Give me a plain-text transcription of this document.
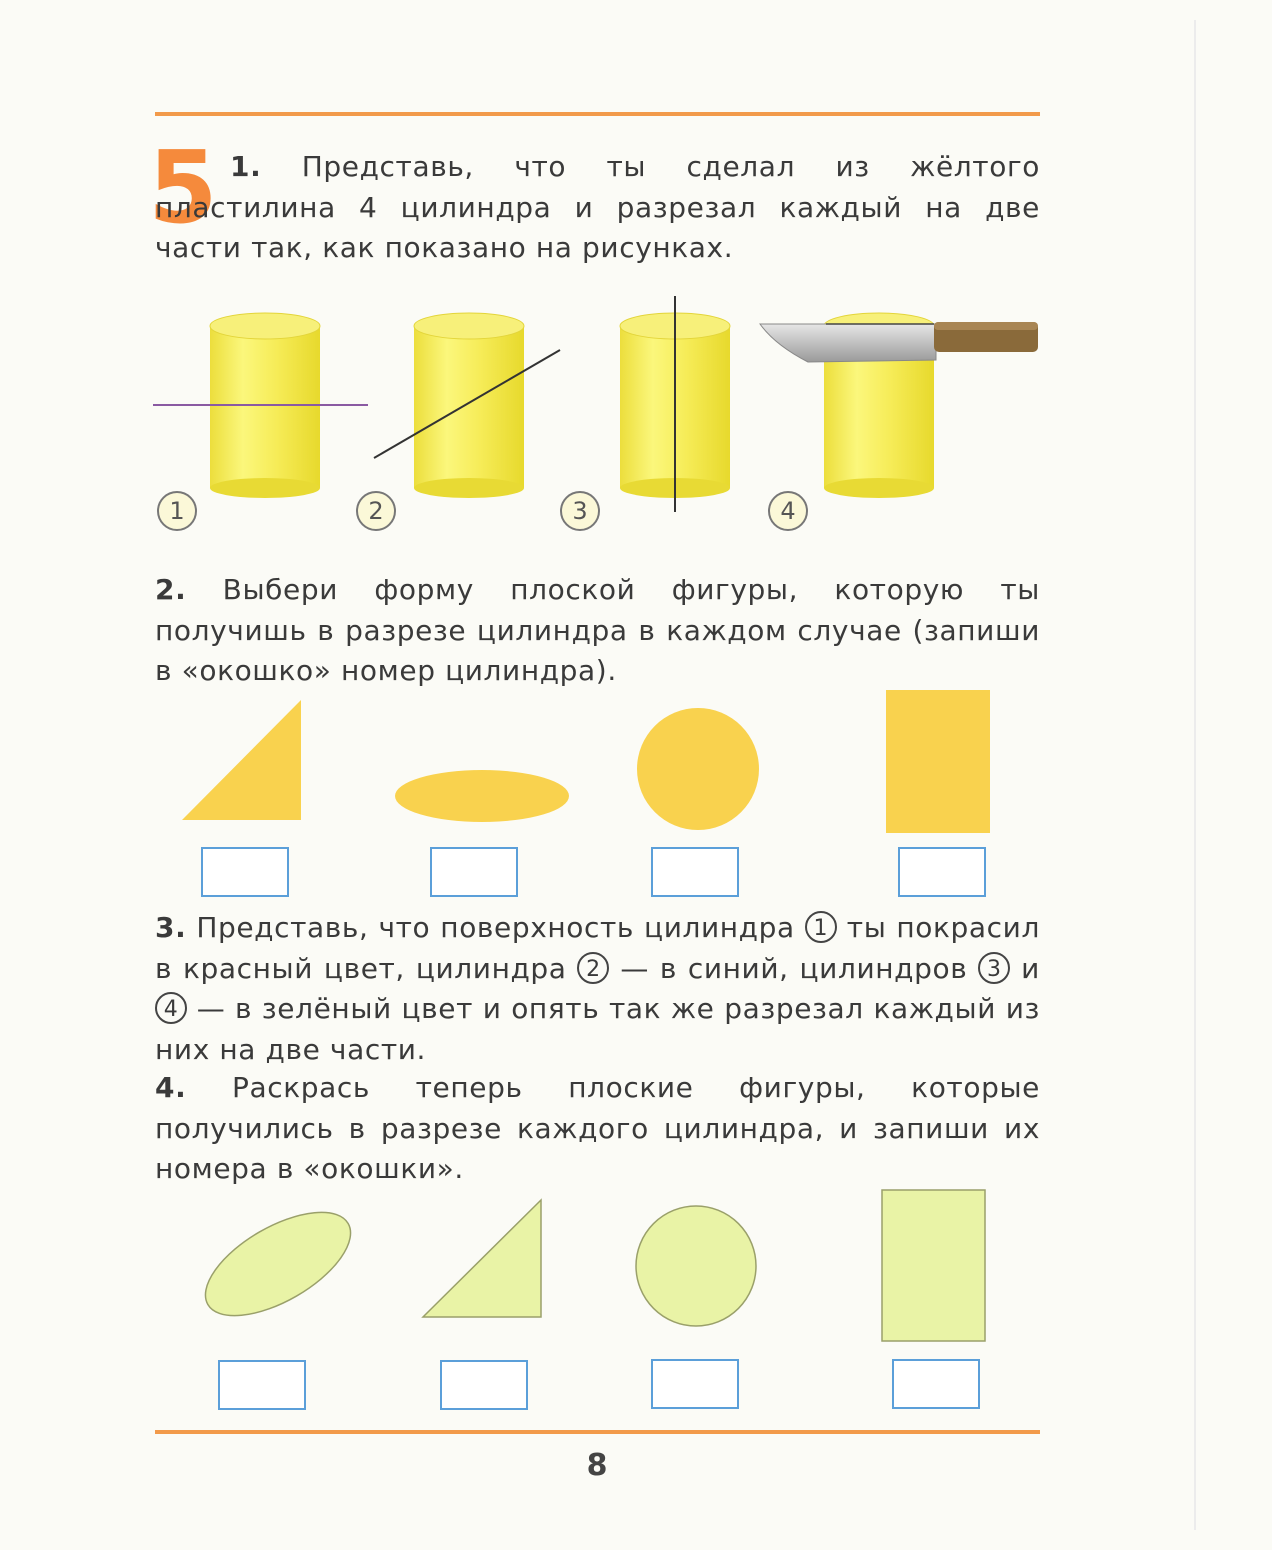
5 1. Представь, что ты сделал из жёлтого пластилина 4 цилиндра и разрезал каждый на две части так, как показано на рисунках.

1	2	3	4

2. Выбери форму плоской фигуры, которую ты получишь в разрезе цилиндра в каждом случае (запиши в «окошко» номер цилиндра).

3. Представь, что поверхность цилиндра 1 ты покрасил в красный цвет, цилиндра 2 — в синий, цилиндров 3 и 4 — в зелёный цвет и опять так же разрезал каждый из них на две части.

4. Раскрась теперь плоские фигуры, которые получились в разрезе каждого цилиндра, и запиши их номера в «окошки».

8
